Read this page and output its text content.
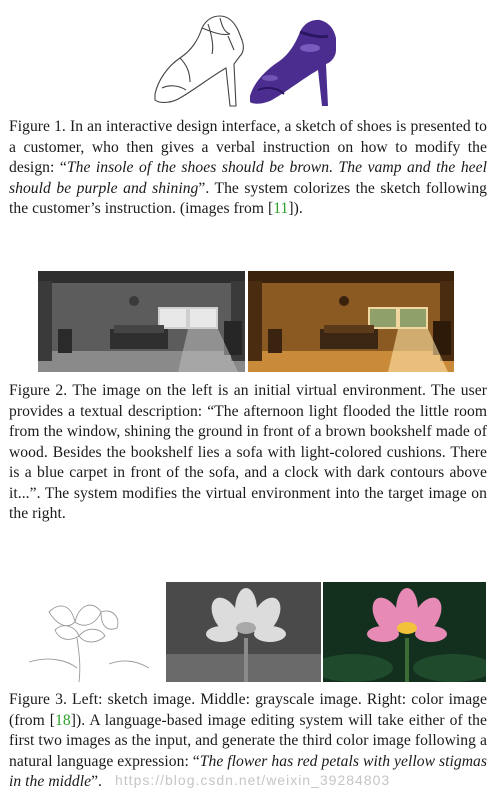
Figure 1. In an interactive design interface, a sketch of shoes is presented to a customer, who then gives a verbal instruction on how to modify the design: “The insole of the shoes should be brown. The vamp and the heel should be purple and shining”. The system colorizes the sketch following the customer’s instruction. (images from [11]).
Figure 2. The image on the left is an initial virtual environment. The user provides a textual description: “The afternoon light flooded the little room from the window, shining the ground in front of a brown bookshelf made of wood. Besides the bookshelf lies a sofa with light-colored cushions. There is a blue carpet in front of the sofa, and a clock with dark contours above it...”. The system modifies the virtual environment into the target image on the right.
Figure 3. Left: sketch image. Middle: grayscale image. Right: color image (from [18]). A language-based image editing system will take either of the first two images as the input, and generate the third color image following a natural language expression: “The flower has red petals with yellow stigmas in the middle”. https://blog.csdn.net/weixin_39284803
